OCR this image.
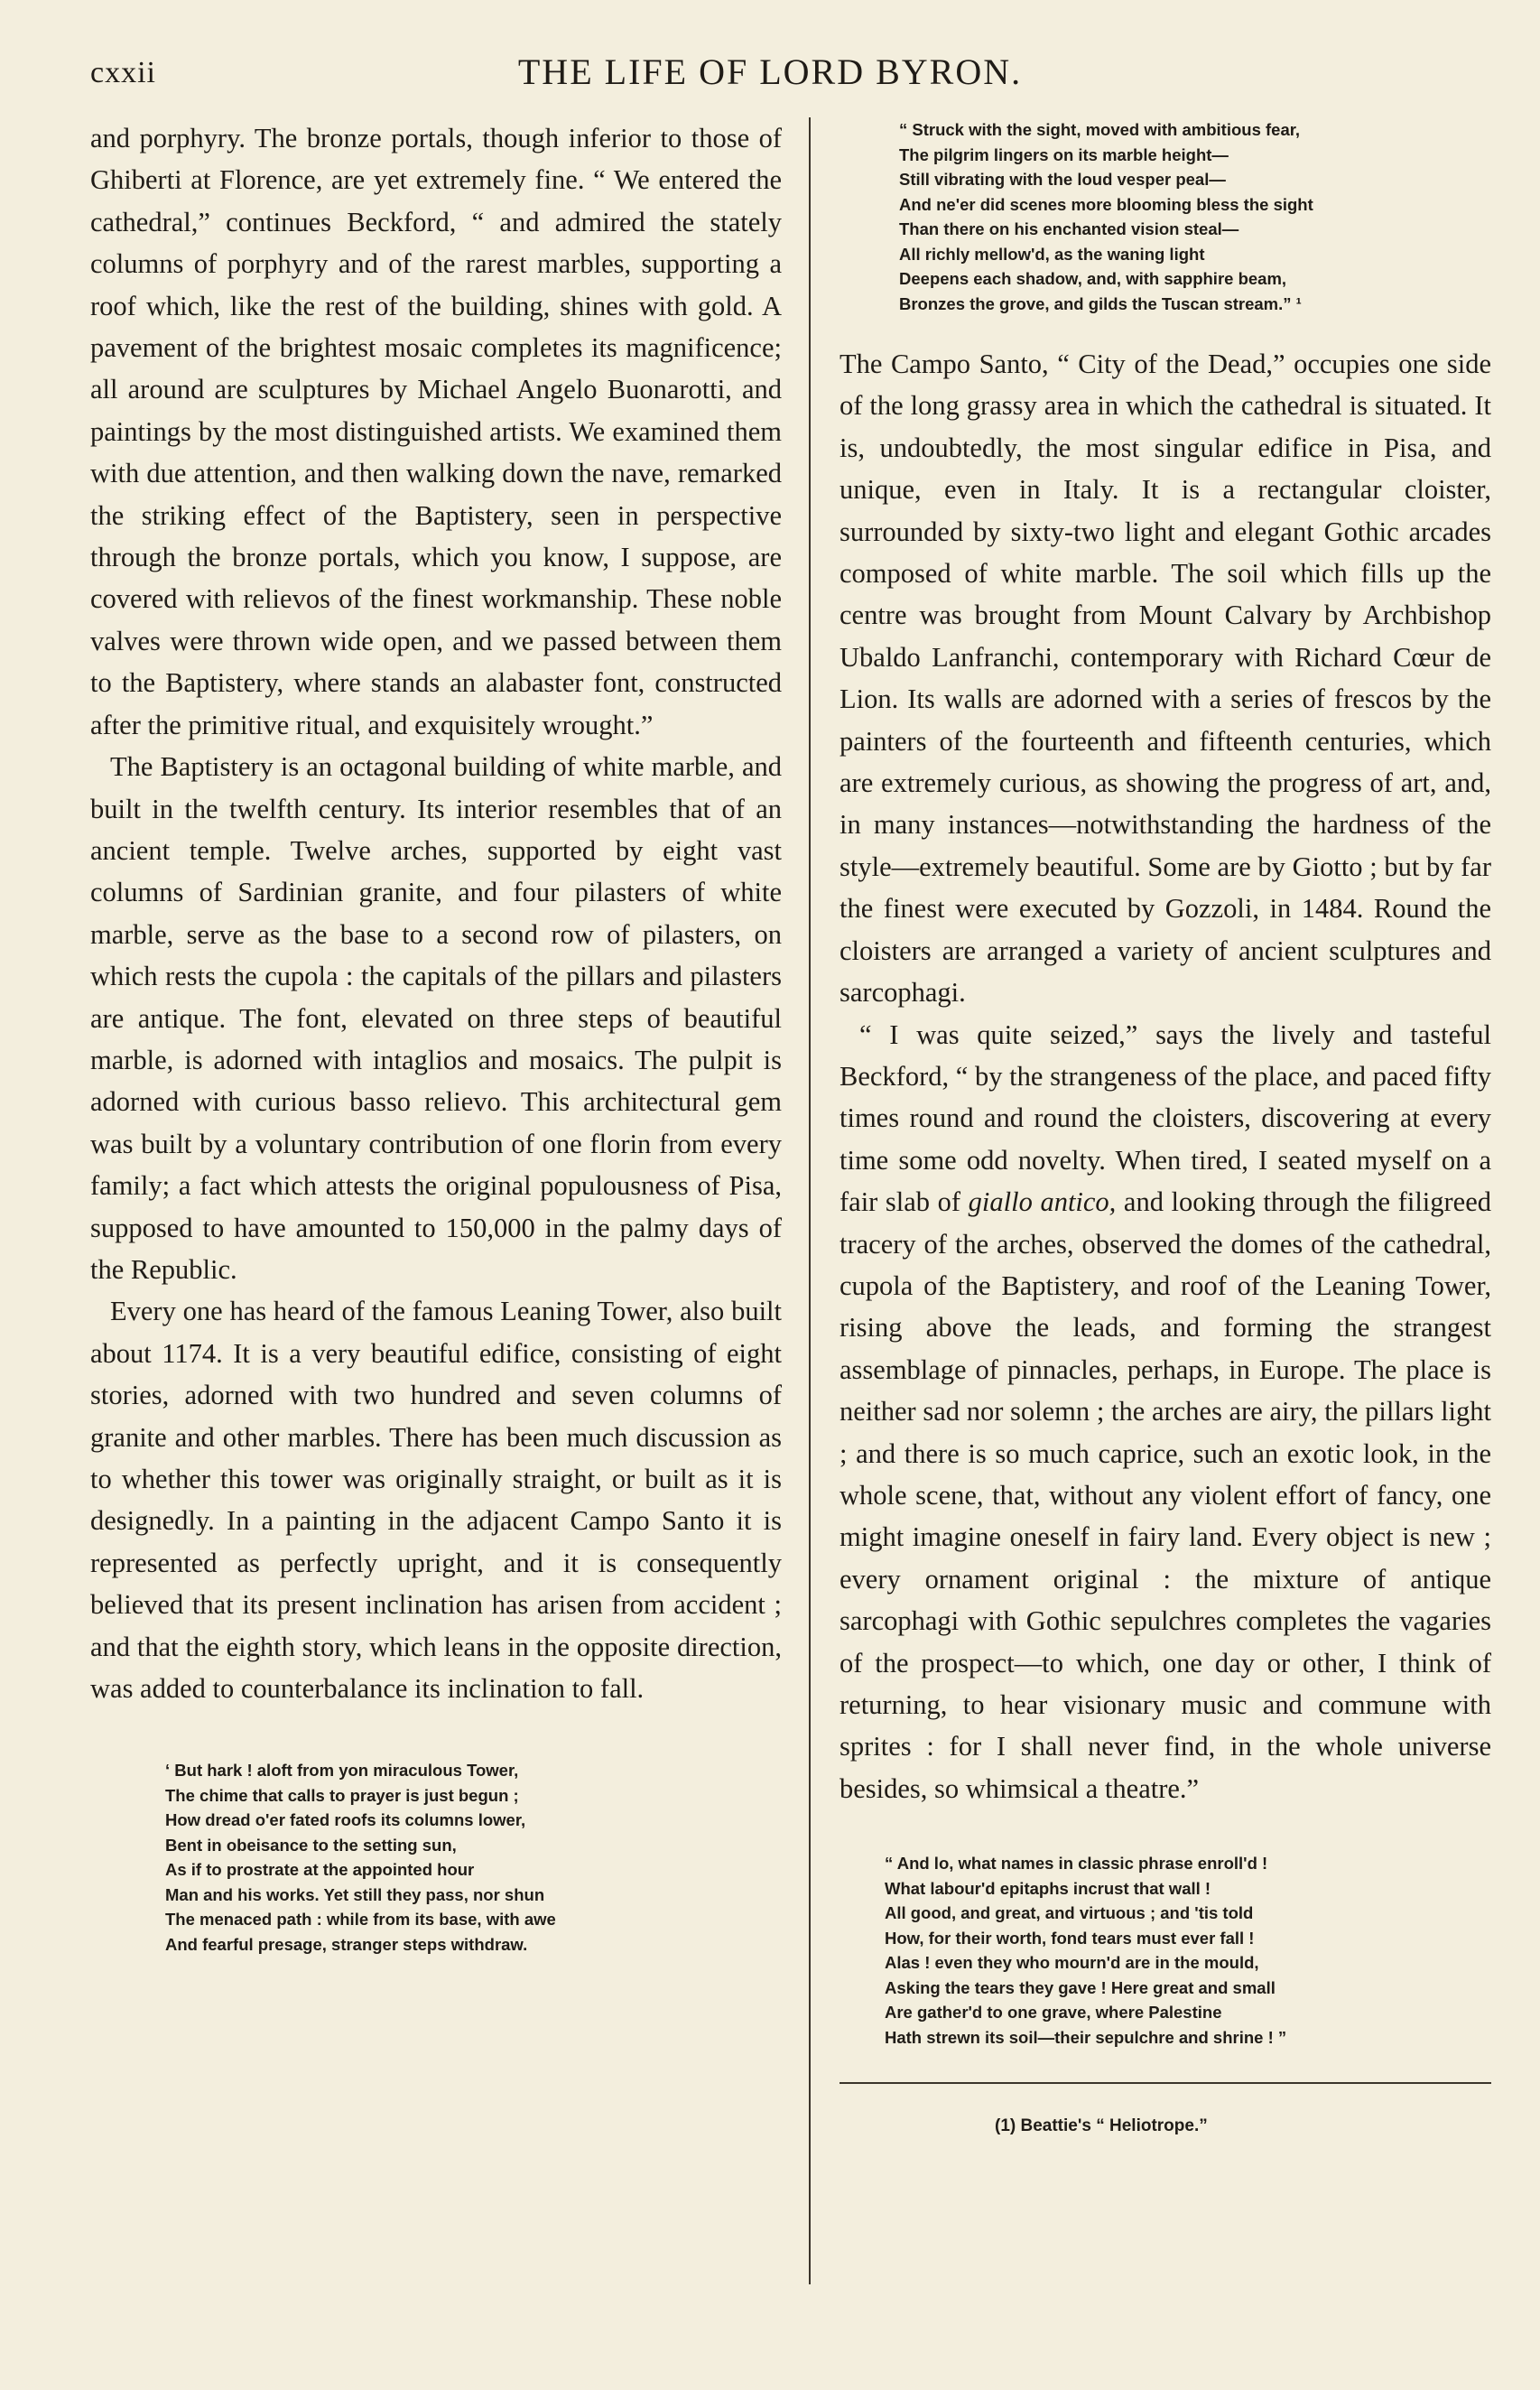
cxxii	THE LIFE OF LORD BYRON.

and porphyry. The bronze portals, though inferior to those of Ghiberti at Florence, are yet extremely fine. “ We entered the cathedral,” continues Beckford, “ and admired the stately columns of porphyry and of the rarest marbles, supporting a roof which, like the rest of the building, shines with gold. A pavement of the brightest mosaic completes its magnificence; all around are sculptures by Michael Angelo Buonarotti, and paintings by the most distinguished artists. We examined them with due attention, and then walking down the nave, remarked the striking effect of the Baptistery, seen in perspective through the bronze portals, which you know, I suppose, are covered with relievos of the finest workmanship. These noble valves were thrown wide open, and we passed between them to the Baptistery, where stands an alabaster font, constructed after the primitive ritual, and exquisitely wrought.”

The Baptistery is an octagonal building of white marble, and built in the twelfth century. Its interior resembles that of an ancient temple. Twelve arches, supported by eight vast columns of Sardinian granite, and four pilasters of white marble, serve as the base to a second row of pilasters, on which rests the cupola : the capitals of the pillars and pilasters are antique. The font, elevated on three steps of beautiful marble, is adorned with intaglios and mosaics. The pulpit is adorned with curious basso relievo. This architectural gem was built by a voluntary contribution of one florin from every family; a fact which attests the original populousness of Pisa, supposed to have amounted to 150,000 in the palmy days of the Republic.

Every one has heard of the famous Leaning Tower, also built about 1174. It is a very beautiful edifice, consisting of eight stories, adorned with two hundred and seven columns of granite and other marbles. There has been much discussion as to whether this tower was originally straight, or built as it is designedly. In a painting in the adjacent Campo Santo it is represented as perfectly upright, and it is consequently believed that its present inclination has arisen from accident ; and that the eighth story, which leans in the opposite direction, was added to counterbalance its inclination to fall.

‘ But hark ! aloft from yon miraculous Tower,
The chime that calls to prayer is just begun ;
How dread o'er fated roofs its columns lower,
Bent in obeisance to the setting sun,
As if to prostrate at the appointed hour
Man and his works. Yet still they pass, nor shun
The menaced path : while from its base, with awe
And fearful presage, stranger steps withdraw.
“ Struck with the sight, moved with ambitious fear,
The pilgrim lingers on its marble height—
Still vibrating with the loud vesper peal—
And ne'er did scenes more blooming bless the sight
Than there on his enchanted vision steal—
All richly mellow'd, as the waning light
Deepens each shadow, and, with sapphire beam,
Bronzes the grove, and gilds the Tuscan stream.” ¹

The Campo Santo, “ City of the Dead,” occupies one side of the long grassy area in which the cathedral is situated. It is, undoubtedly, the most singular edifice in Pisa, and unique, even in Italy. It is a rectangular cloister, surrounded by sixty-two light and elegant Gothic arcades composed of white marble. The soil which fills up the centre was brought from Mount Calvary by Archbishop Ubaldo Lanfranchi, contemporary with Richard Cœur de Lion. Its walls are adorned with a series of frescos by the painters of the fourteenth and fifteenth centuries, which are extremely curious, as showing the progress of art, and, in many instances—notwithstanding the hardness of the style—extremely beautiful. Some are by Giotto ; but by far the finest were executed by Gozzoli, in 1484. Round the cloisters are arranged a variety of ancient sculptures and sarcophagi.

“ I was quite seized,” says the lively and tasteful Beckford, “ by the strangeness of the place, and paced fifty times round and round the cloisters, discovering at every time some odd novelty. When tired, I seated myself on a fair slab of giallo antico, and looking through the filigreed tracery of the arches, observed the domes of the cathedral, cupola of the Baptistery, and roof of the Leaning Tower, rising above the leads, and forming the strangest assemblage of pinnacles, perhaps, in Europe. The place is neither sad nor solemn ; the arches are airy, the pillars light ; and there is so much caprice, such an exotic look, in the whole scene, that, without any violent effort of fancy, one might imagine oneself in fairy land. Every object is new ; every ornament original : the mixture of antique sarcophagi with Gothic sepulchres completes the vagaries of the prospect—to which, one day or other, I think of returning, to hear visionary music and commune with sprites : for I shall never find, in the whole universe besides, so whimsical a theatre.”

“ And lo, what names in classic phrase enroll'd !
What labour'd epitaphs incrust that wall !
All good, and great, and virtuous ; and 'tis told
How, for their worth, fond tears must ever fall !
Alas ! even they who mourn'd are in the mould,
Asking the tears they gave ! Here great and small
Are gather'd to one grave, where Palestine
Hath strewn its soil—their sepulchre and shrine ! ”
(1) Beattie's “ Heliotrope.”
